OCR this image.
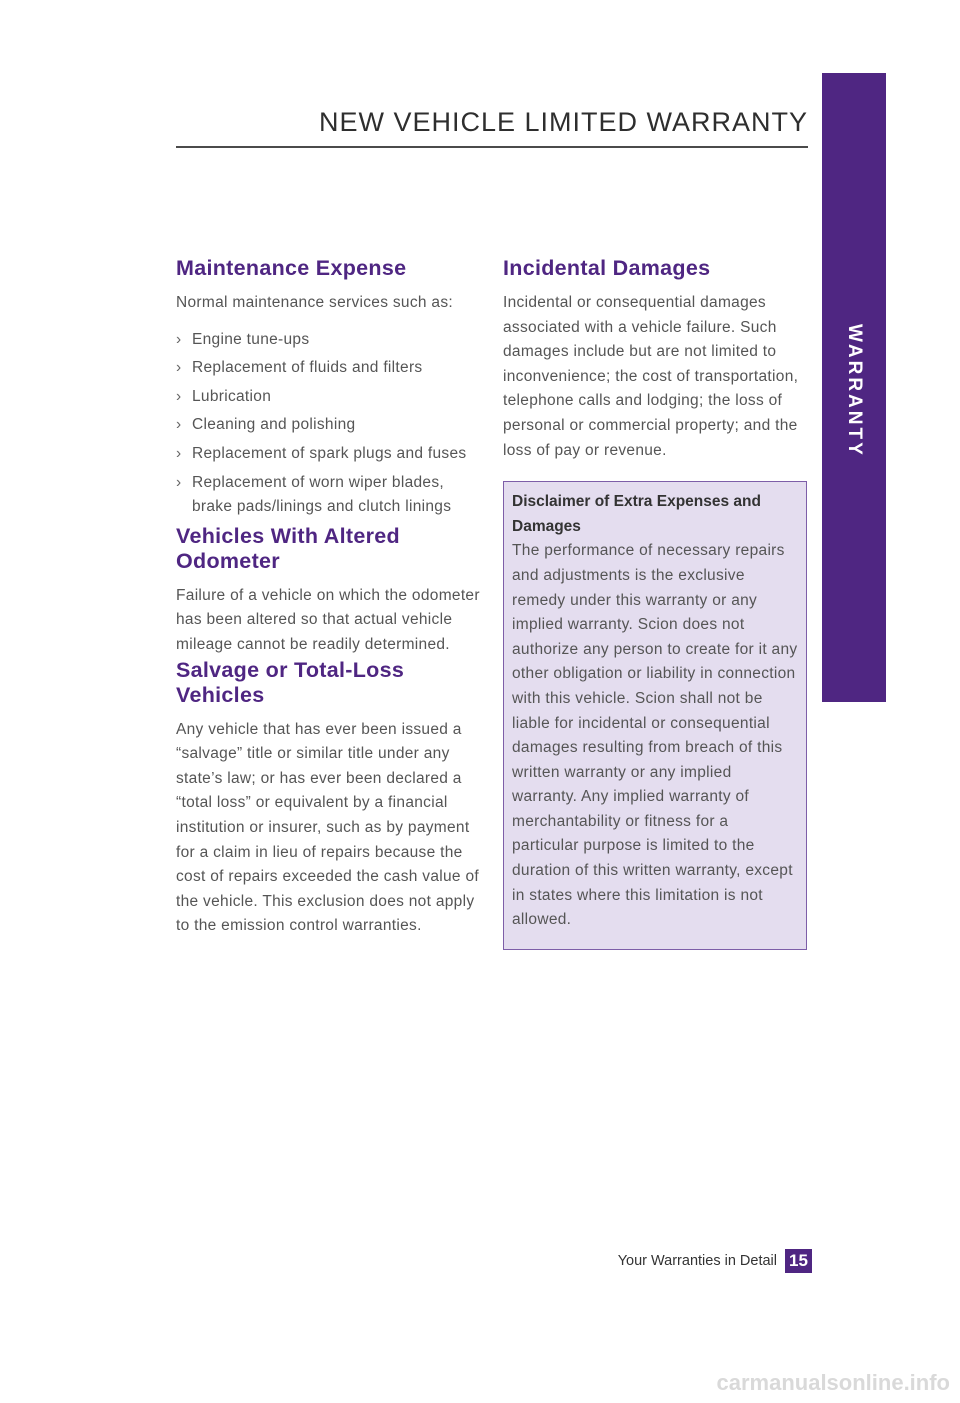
NEW VEHICLE LIMITED WARRANTY
WARRANTY
Maintenance Expense

Normal maintenance services such as:

› Engine tune-ups
› Replacement of fluids and filters
› Lubrication
› Cleaning and polishing
› Replacement of spark plugs and fuses
› Replacement of worn wiper blades, brake pads/linings and clutch linings
Vehicles With Altered Odometer

Failure of a vehicle on which the odometer has been altered so that actual vehicle mileage cannot be readily determined.

Salvage or Total-Loss Vehicles

Any vehicle that has ever been issued a “salvage” title or similar title under any state’s law; or has ever been declared a “total loss” or equivalent by a financial institution or insurer, such as by payment for a claim in lieu of repairs because the cost of repairs exceeded the cash value of the vehicle. This exclusion does not apply to the emission control warranties.

Incidental Damages

Incidental or consequential damages associated with a vehicle failure. Such damages include but are not limited to inconvenience; the cost of transportation, telephone calls and lodging; the loss of personal or commercial property; and the loss of pay or revenue.

Disclaimer of Extra Expenses and Damages

The performance of necessary repairs and adjustments is the exclusive remedy under this warranty or any implied warranty. Scion does not authorize any person to create for it any other obligation or liability in connection with this vehicle. Scion shall not be liable for incidental or consequential damages resulting from breach of this written warranty or any implied warranty. Any implied warranty of merchantability or fitness for a particular purpose is limited to the duration of this written warranty, except in states where this limitation is not allowed.

Your Warranties in Detail 15
carmanualsonline.info
